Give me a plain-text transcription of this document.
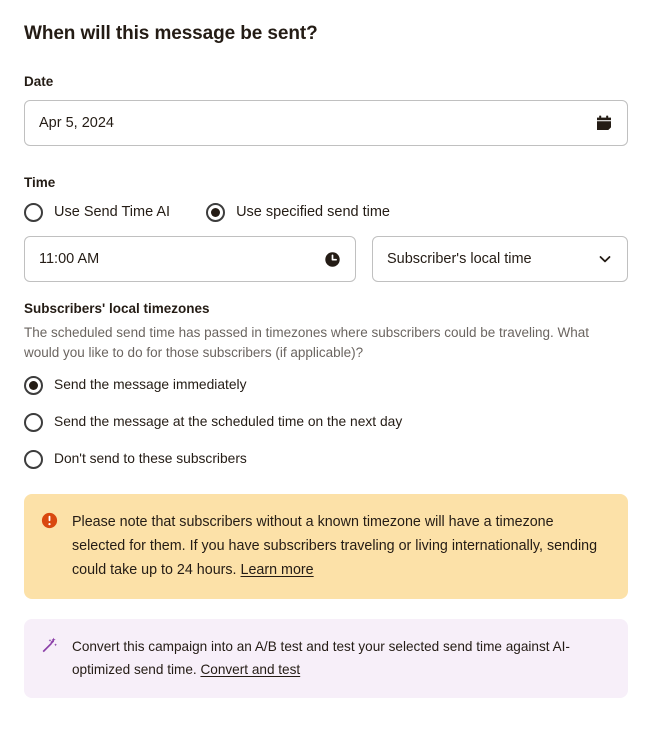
When will this message be sent?
Date
Apr 5, 2024
Time
Use Send Time AI	Use specified send time
11:00 AM	Subscriber's local time
Subscribers' local timezones
The scheduled send time has passed in timezones where subscribers could be traveling. What would you like to do for those subscribers (if applicable)?
Send the message immediately
Send the message at the scheduled time on the next day
Don't send to these subscribers
Please note that subscribers without a known timezone will have a timezone selected for them. If you have subscribers traveling or living internationally, sending could take up to 24 hours. Learn more
Convert this campaign into an A/B test and test your selected send time against AI-optimized send time. Convert and test
